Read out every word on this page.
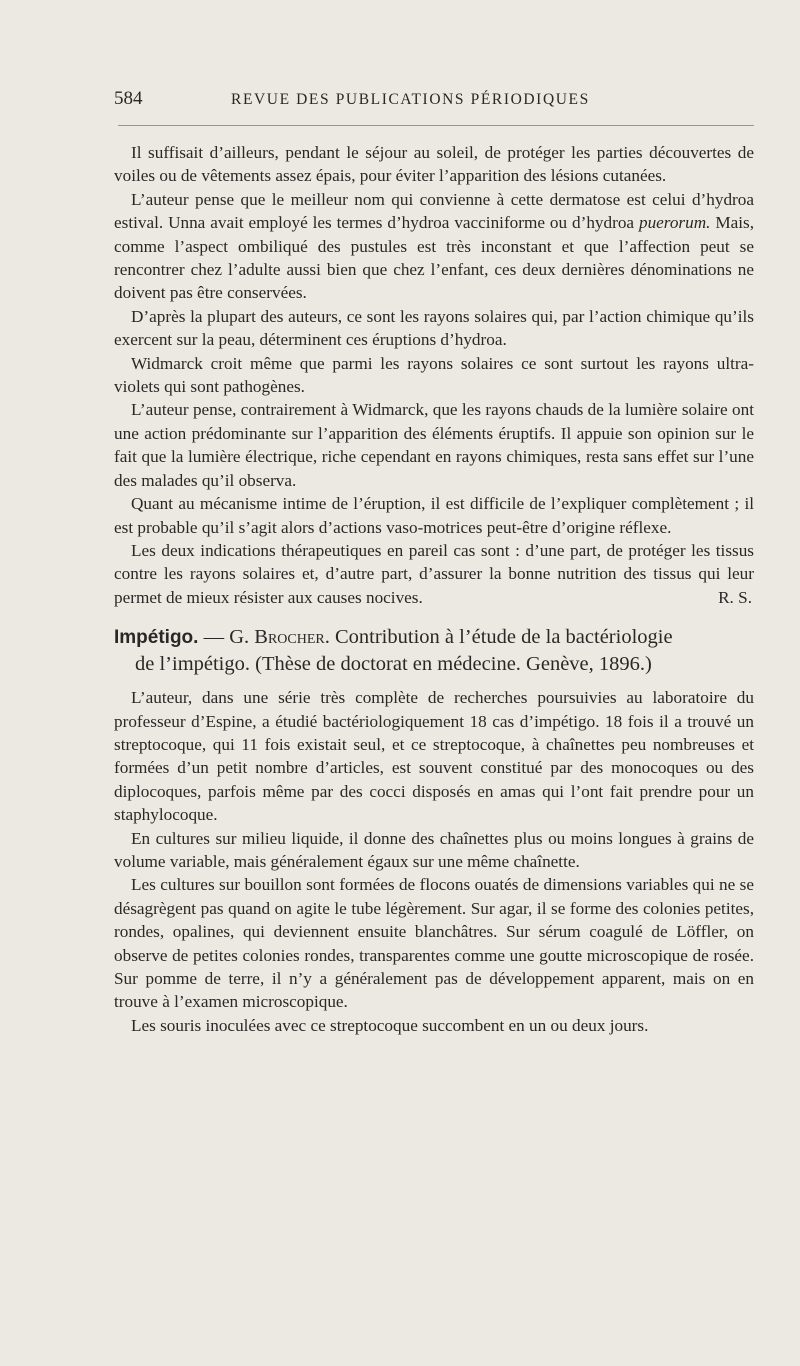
584	REVUE DES PUBLICATIONS PÉRIODIQUES

Il suffisait d’ailleurs, pendant le séjour au soleil, de protéger les parties découvertes de voiles ou de vêtements assez épais, pour éviter l’apparition des lésions cutanées.

L’auteur pense que le meilleur nom qui convienne à cette dermatose est celui d’hydroa estival. Unna avait employé les termes d’hydroa vacciniforme ou d’hydroa puerorum. Mais, comme l’aspect ombiliqué des pustules est très inconstant et que l’affection peut se rencontrer chez l’adulte aussi bien que chez l’enfant, ces deux dernières dénominations ne doivent pas être conservées.

D’après la plupart des auteurs, ce sont les rayons solaires qui, par l’action chimique qu’ils exercent sur la peau, déterminent ces éruptions d’hydroa.

Widmarck croit même que parmi les rayons solaires ce sont surtout les rayons ultra-violets qui sont pathogènes.

L’auteur pense, contrairement à Widmarck, que les rayons chauds de la lumière solaire ont une action prédominante sur l’apparition des éléments éruptifs. Il appuie son opinion sur le fait que la lumière électrique, riche cependant en rayons chimiques, resta sans effet sur l’une des malades qu’il observa.

Quant au mécanisme intime de l’éruption, il est difficile de l’expliquer complètement ; il est probable qu’il s’agit alors d’actions vaso-motrices peut-être d’origine réflexe.

Les deux indications thérapeutiques en pareil cas sont : d’une part, de protéger les tissus contre les rayons solaires et, d’autre part, d’assurer la bonne nutrition des tissus qui leur permet de mieux résister aux causes nocives.	R. S.

Impétigo. — G. Brocher. Contribution à l’étude de la bactériologie
de l’impétigo. (Thèse de doctorat en médecine. Genève, 1896.)

L’auteur, dans une série très complète de recherches poursuivies au laboratoire du professeur d’Espine, a étudié bactériologiquement 18 cas d’impétigo. 18 fois il a trouvé un streptocoque, qui 11 fois existait seul, et ce streptocoque, à chaînettes peu nombreuses et formées d’un petit nombre d’articles, est souvent constitué par des monocoques ou des diplocoques, parfois même par des cocci disposés en amas qui l’ont fait prendre pour un staphylocoque.

En cultures sur milieu liquide, il donne des chaînettes plus ou moins longues à grains de volume variable, mais généralement égaux sur une même chaînette.

Les cultures sur bouillon sont formées de flocons ouatés de dimensions variables qui ne se désagrègent pas quand on agite le tube légèrement. Sur agar, il se forme des colonies petites, rondes, opalines, qui deviennent ensuite blanchâtres. Sur sérum coagulé de Löffler, on observe de petites colonies rondes, transparentes comme une goutte microscopique de rosée. Sur pomme de terre, il n’y a généralement pas de développement apparent, mais on en trouve à l’examen microscopique.

Les souris inoculées avec ce streptocoque succombent en un ou deux jours.
